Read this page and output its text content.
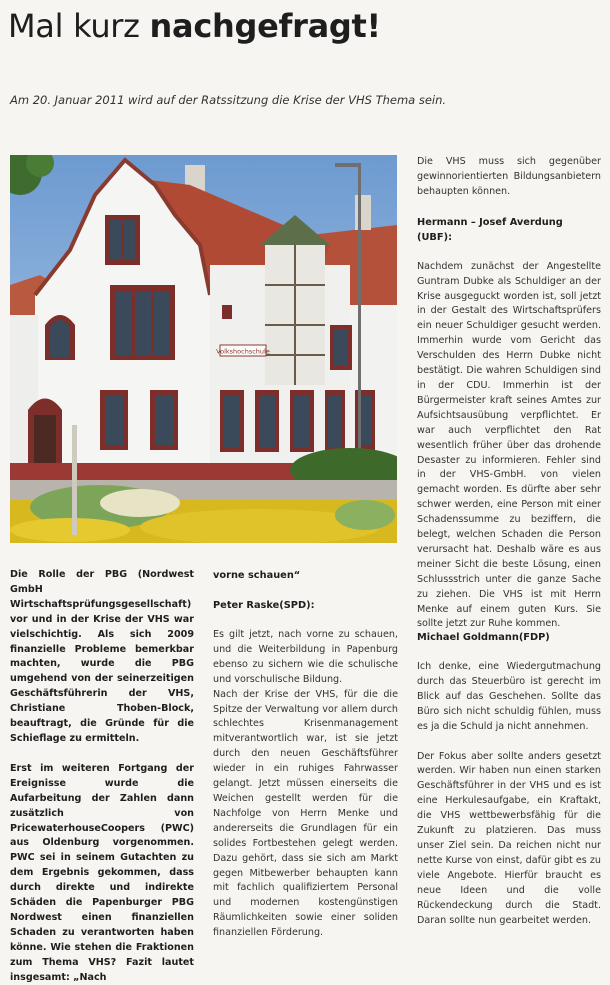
Mal kurz nachgefragt!
Am 20. Januar 2011 wird auf der Ratssitzung die Krise der VHS Thema sein.
Volkshochschule

Die Rolle der PBG (Nordwest GmbH Wirtschaftsprüfungsgesellschaft) vor und in der Krise der VHS war vielschichtig. Als sich 2009 finanzielle Probleme bemerkbar machten, wurde die PBG umgehend von der seinerzeitigen Geschäftsführerin der VHS, Christiane Thoben-Block, beauftragt, die Gründe für die Schieflage zu ermitteln.

Erst im weiteren Fortgang der Ereignisse wurde die Aufarbeitung der Zahlen dann zusätzlich von PricewaterhouseCoopers (PWC) aus Oldenburg vorgenommen. PWC sei in seinem Gutachten zu dem Ergebnis gekommen, dass durch direkte und indirekte Schäden die Papenburger PBG Nordwest einen finanziellen Schaden zu verantworten haben könne. Wie stehen die Fraktionen zum Thema VHS? Fazit lautet insgesamt: „Nach

vorne schauen“
Peter Raske(SPD):

Es gilt jetzt, nach vorne zu schauen, und die Weiterbildung in Papenburg ebenso zu sichern wie die schulische und vorschulische Bildung.

Nach der Krise der VHS, für die die Spitze der Verwaltung vor allem durch schlechtes Krisenmanagement mitverantwortlich war, ist sie jetzt durch den neuen Geschäftsführer wieder in ein ruhiges Fahrwasser gelangt. Jetzt müssen einerseits die Weichen gestellt werden für die Nachfolge von Herrn Menke und andererseits die Grundlagen für ein solides Fortbestehen gelegt werden. Dazu gehört, dass sie sich am Markt gegen Mitbewerber behaupten kann mit fachlich qualifiziertem Personal und modernen kostengünstigen Räumlichkeiten sowie einer soliden finanziellen Förderung.

Die VHS muss sich gegenüber gewinnorientierten Bildungsanbietern behaupten können.

Hermann – Josef Averdung (UBF):

Nachdem zunächst der Angestellte Guntram Dubke als Schuldiger an der Krise ausgeguckt worden ist, soll jetzt in der Gestalt des Wirtschaftsprüfers ein neuer Schuldiger gesucht werden. Immerhin wurde vom Gericht das Verschulden des Herrn Dubke nicht bestätigt. Die wahren Schuldigen sind in der CDU. Immerhin ist der Bürgermeister kraft seines Amtes zur Aufsichtsausübung verpflichtet. Er war auch verpflichtet den Rat wesentlich früher über das drohende Desaster zu informieren. Fehler sind in der VHS-GmbH. von vielen gemacht worden. Es dürfte aber sehr schwer werden, eine Person mit einer Schadenssumme zu beziffern, die belegt, welchen Schaden die Person verursacht hat. Deshalb wäre es aus meiner Sicht die beste Lösung, einen Schlussstrich unter die ganze Sache zu ziehen. Die VHS ist mit Herrn Menke auf einem guten Kurs. Sie sollte jetzt zur Ruhe kommen.

Michael Goldmann(FDP)

Ich denke, eine Wiedergutmachung durch das Steuerbüro ist gerecht im Blick auf das Geschehen. Sollte das Büro sich nicht schuldig fühlen, muss es ja die Schuld ja nicht annehmen.

Der Fokus aber sollte anders gesetzt werden. Wir haben nun einen starken Geschäftsführer in der VHS und es ist eine Herkulesaufgabe, ein Kraftakt, die VHS wettbewerbsfähig für die Zukunft zu platzieren. Das muss unser Ziel sein. Da reichen nicht nur nette Kurse von einst, dafür gibt es zu viele Angebote. Hierfür braucht es neue Ideen und die volle Rückendeckung durch die Stadt. Daran sollte nun gearbeitet werden.
